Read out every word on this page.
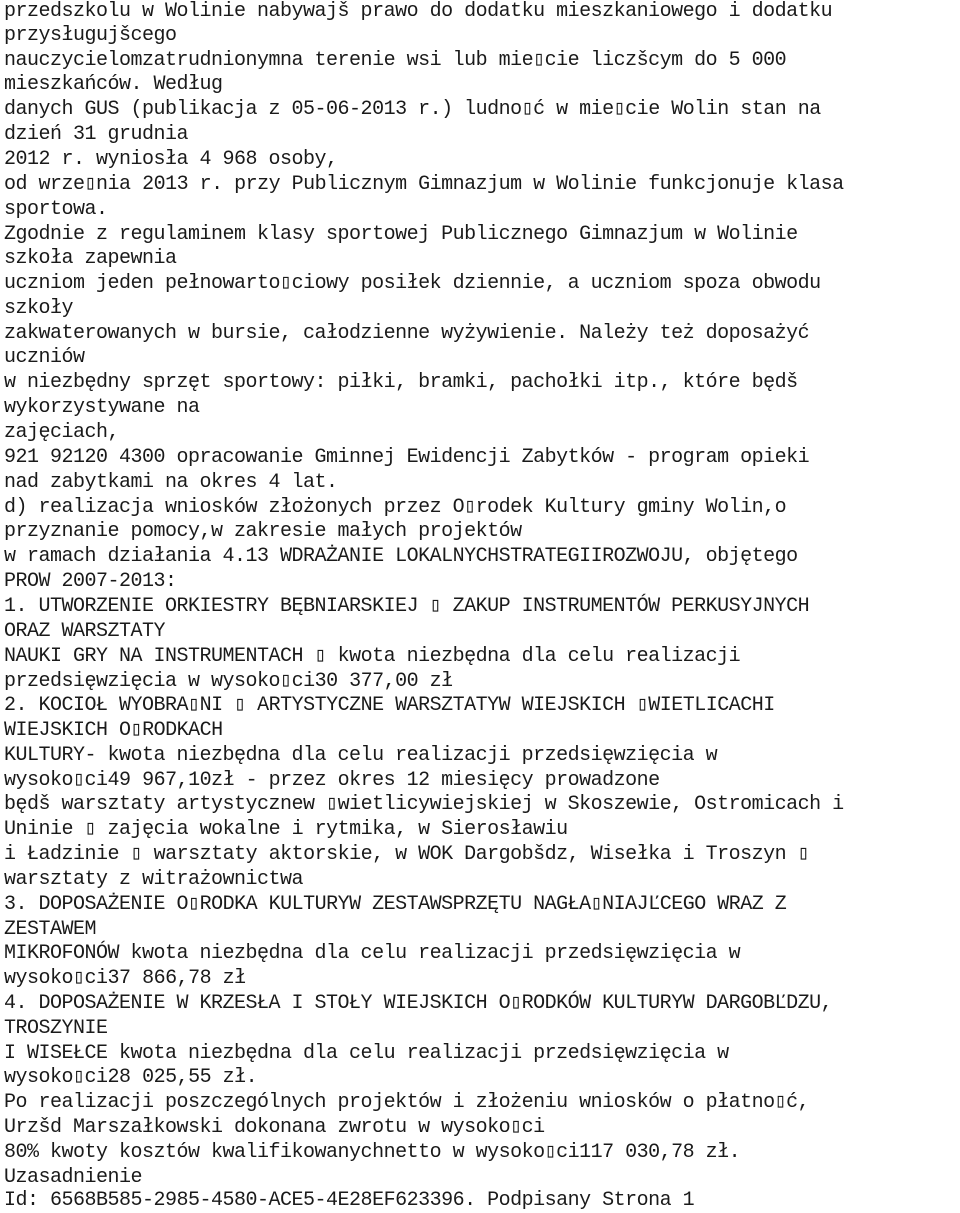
przedszkolu w Wolinie nabywajš prawo do dodatku mieszkaniowego i dodatku
przysługujšcego
nauczycielomzatrudnionymna terenie wsi lub mie▯cie liczšcym do 5 000
mieszkańców. Według
danych GUS (publikacja z 05-06-2013 r.) ludno▯ć w mie▯cie Wolin stan na
dzień 31 grudnia
2012 r. wyniosła 4 968 osoby,
od wrze▯nia 2013 r. przy Publicznym Gimnazjum w Wolinie funkcjonuje klasa
sportowa.
Zgodnie z regulaminem klasy sportowej Publicznego Gimnazjum w Wolinie
szkoła zapewnia
uczniom jeden pełnowarto▯ciowy posiłek dziennie, a uczniom spoza obwodu
szkoły
zakwaterowanych w bursie, całodzienne wyżywienie. Należy też doposażyć
uczniów
w niezbędny sprzęt sportowy: piłki, bramki, pachołki itp., które będš
wykorzystywane na
zajęciach,
921 92120 4300 opracowanie Gminnej Ewidencji Zabytków - program opieki
nad zabytkami na okres 4 lat.
d) realizacja wniosków złożonych przez O▯rodek Kultury gminy Wolin,o
przyznanie pomocy,w zakresie małych projektów
w ramach działania 4.13 WDRAŻANIE LOKALNYCHSTRATEGIIROZWOJU, objętego
PROW 2007-2013:
1. UTWORZENIE ORKIESTRY BĘBNIARSKIEJ ▯ ZAKUP INSTRUMENTÓW PERKUSYJNYCH
ORAZ WARSZTATY
NAUKI GRY NA INSTRUMENTACH ▯ kwota niezbędna dla celu realizacji
przedsięwzięcia w wysoko▯ci30 377,00 zł
2. KOCIOŁ WYOBRA▯NI ▯ ARTYSTYCZNE WARSZTATYW WIEJSKICH ▯WIETLICACHI
WIEJSKICH O▯RODKACH
KULTURY- kwota niezbędna dla celu realizacji przedsięwzięcia w
wysoko▯ci49 967,10zł - przez okres 12 miesięcy prowadzone
będš warsztaty artystycznew ▯wietlicywiejskiej w Skoszewie, Ostromicach i
Uninie ▯ zajęcia wokalne i rytmika, w Sierosławiu
i Ładzinie ▯ warsztaty aktorskie, w WOK Dargobšdz, Wisełka i Troszyn ▯
warsztaty z witrażownictwa
3. DOPOSAŻENIE O▯RODKA KULTURYW ZESTAWSPRZĘTU NAGŁA▯NIAJĽCEGO WRAZ Z
ZESTAWEM
MIKROFONÓW kwota niezbędna dla celu realizacji przedsięwzięcia w
wysoko▯ci37 866,78 zł
4. DOPOSAŻENIE W KRZESŁA I STOŁY WIEJSKICH O▯RODKÓW KULTURYW DARGOBĽDZU,
TROSZYNIE
I WISEŁCE kwota niezbędna dla celu realizacji przedsięwzięcia w
wysoko▯ci28 025,55 zł.
Po realizacji poszczególnych projektów i złożeniu wniosków o płatno▯ć,
Urzšd Marszałkowski dokonana zwrotu w wysoko▯ci
80% kwoty kosztów kwalifikowanychnetto w wysoko▯ci117 030,78 zł.
Uzasadnienie
Id: 6568B585-2985-4580-ACE5-4E28EF623396. Podpisany Strona 1
